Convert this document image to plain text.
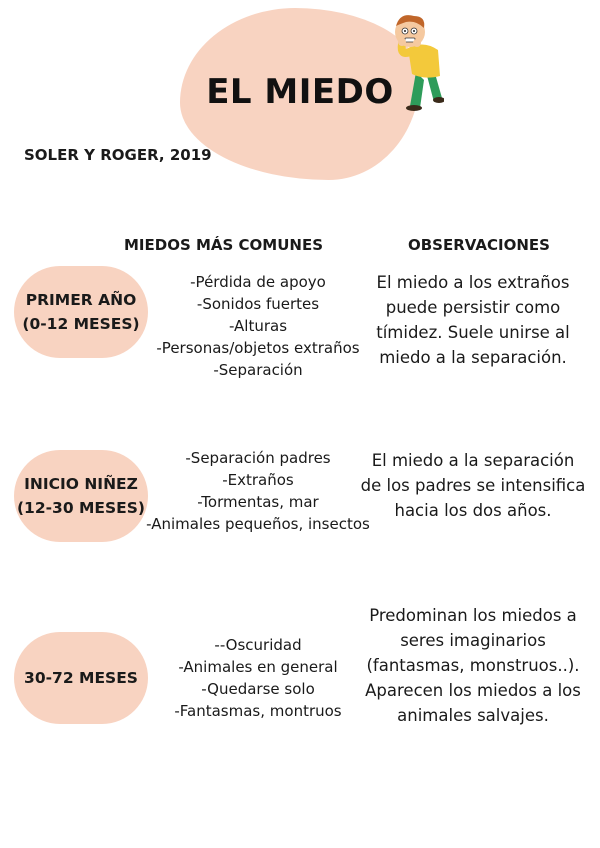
EL MIEDO
SOLER Y ROGER, 2019
MIEDOS MÁS COMUNES	OBSERVACIONES
PRIMER AÑO
(0-12 MESES)
-Pérdida de apoyo
-Sonidos fuertes
-Alturas
-Personas/objetos extraños
-Separación
El miedo a los extraños puede persistir como tímidez. Suele unirse al miedo a la separación.
INICIO NIÑEZ
(12-30 MESES)
-Separación padres
-Extraños
-Tormentas, mar
-Animales pequeños, insectos
El miedo a la separación de los padres se intensifica hacia los dos años.
30-72 MESES
--Oscuridad
-Animales en general
-Quedarse solo
-Fantasmas, montruos
Predominan los miedos a seres imaginarios (fantasmas, monstruos..). Aparecen los miedos a los animales salvajes.
